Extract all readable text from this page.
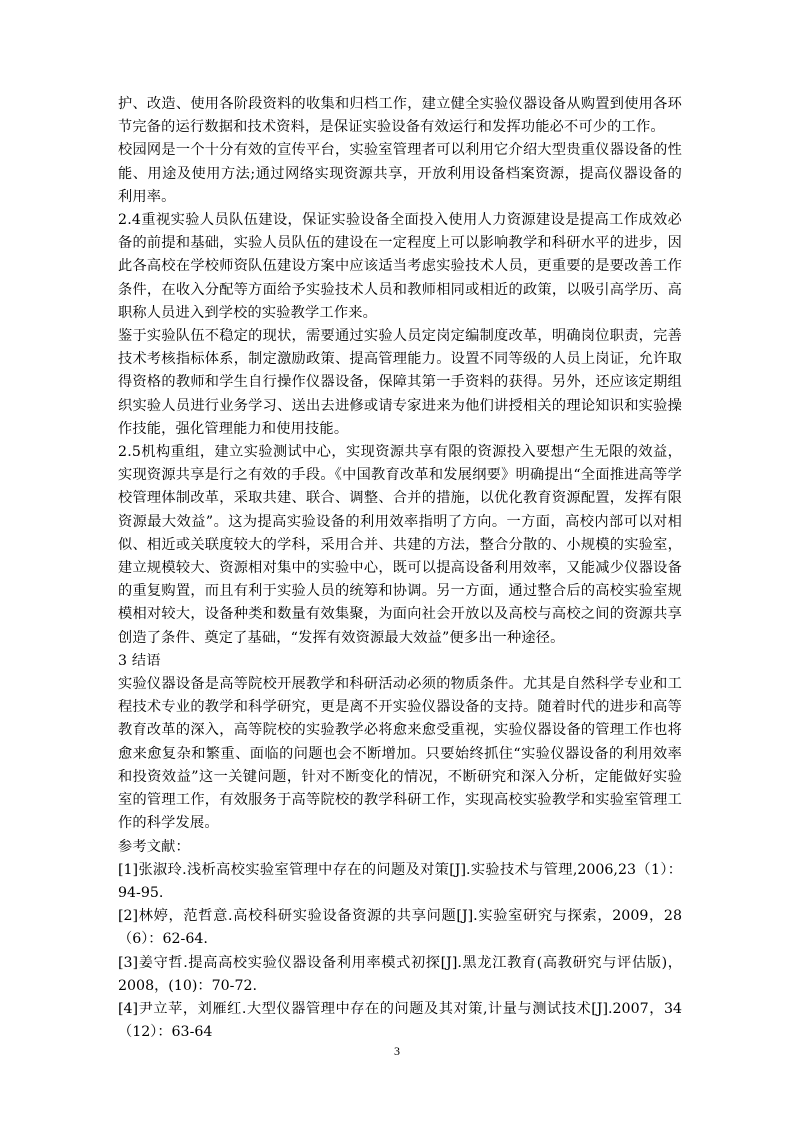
护、改造、使用各阶段资料的收集和归档工作，建立健全实验仪器设备从购置到使用各环节完备的运行数据和技术资料，是保证实验设备有效运行和发挥功能必不可少的工作。

校园网是一个十分有效的宣传平台，实验室管理者可以利用它介绍大型贵重仪器设备的性能、用途及使用方法;通过网络实现资源共享，开放利用设备档案资源，提高仪器设备的利用率。

2.4重视实验人员队伍建设，保证实验设备全面投入使用人力资源建设是提高工作成效必备的前提和基础，实验人员队伍的建设在一定程度上可以影响教学和科研水平的进步，因此各高校在学校师资队伍建设方案中应该适当考虑实验技术人员，更重要的是要改善工作条件，在收入分配等方面给予实验技术人员和教师相同或相近的政策，以吸引高学历、高职称人员进入到学校的实验教学工作来。

鉴于实验队伍不稳定的现状，需要通过实验人员定岗定编制度改革，明确岗位职责，完善技术考核指标体系，制定激励政策、提高管理能力。设置不同等级的人员上岗证，允许取得资格的教师和学生自行操作仪器设备，保障其第一手资料的获得。另外，还应该定期组织实验人员进行业务学习、送出去进修或请专家进来为他们讲授相关的理论知识和实验操作技能，强化管理能力和使用技能。

2.5机构重组，建立实验测试中心，实现资源共享有限的资源投入要想产生无限的效益，实现资源共享是行之有效的手段。《中国教育改革和发展纲要》明确提出“全面推进高等学校管理体制改革，采取共建、联合、调整、合并的措施，以优化教育资源配置，发挥有限资源最大效益”。这为提高实验设备的利用效率指明了方向。一方面，高校内部可以对相似、相近或关联度较大的学科，采用合并、共建的方法，整合分散的、小规模的实验室，建立规模较大、资源相对集中的实验中心，既可以提高设备利用效率，又能减少仪器设备的重复购置，而且有利于实验人员的统筹和协调。另一方面，通过整合后的高校实验室规模相对较大，设备种类和数量有效集聚，为面向社会开放以及高校与高校之间的资源共享创造了条件、奠定了基础，“发挥有效资源最大效益”便多出一种途径。

3 结语

实验仪器设备是高等院校开展教学和科研活动必须的物质条件。尤其是自然科学专业和工程技术专业的教学和科学研究，更是离不开实验仪器设备的支持。随着时代的进步和高等教育改革的深入，高等院校的实验教学必将愈来愈受重视，实验仪器设备的管理工作也将愈来愈复杂和繁重、面临的问题也会不断增加。只要始终抓住“实验仪器设备的利用效率和投资效益”这一关键问题，针对不断变化的情况，不断研究和深入分析，定能做好实验室的管理工作，有效服务于高等院校的教学科研工作，实现高校实验教学和实验室管理工作的科学发展。

参考文献：

[1]张淑玲.浅析高校实验室管理中存在的问题及对策[J].实验技术与管理,2006,23（1）：94-95.

[2]林婷，范哲意.高校科研实验设备资源的共享问题[J].实验室研究与探索，2009，28（6）：62-64.

[3]姜守哲.提高高校实验仪器设备利用率模式初探[J].黑龙江教育(高教研究与评估版)，2008，(10)：70-72.

[4]尹立苹，刘雁红.大型仪器管理中存在的问题及其对策,计量与测试技术[J].2007，34（12）：63-64

3
